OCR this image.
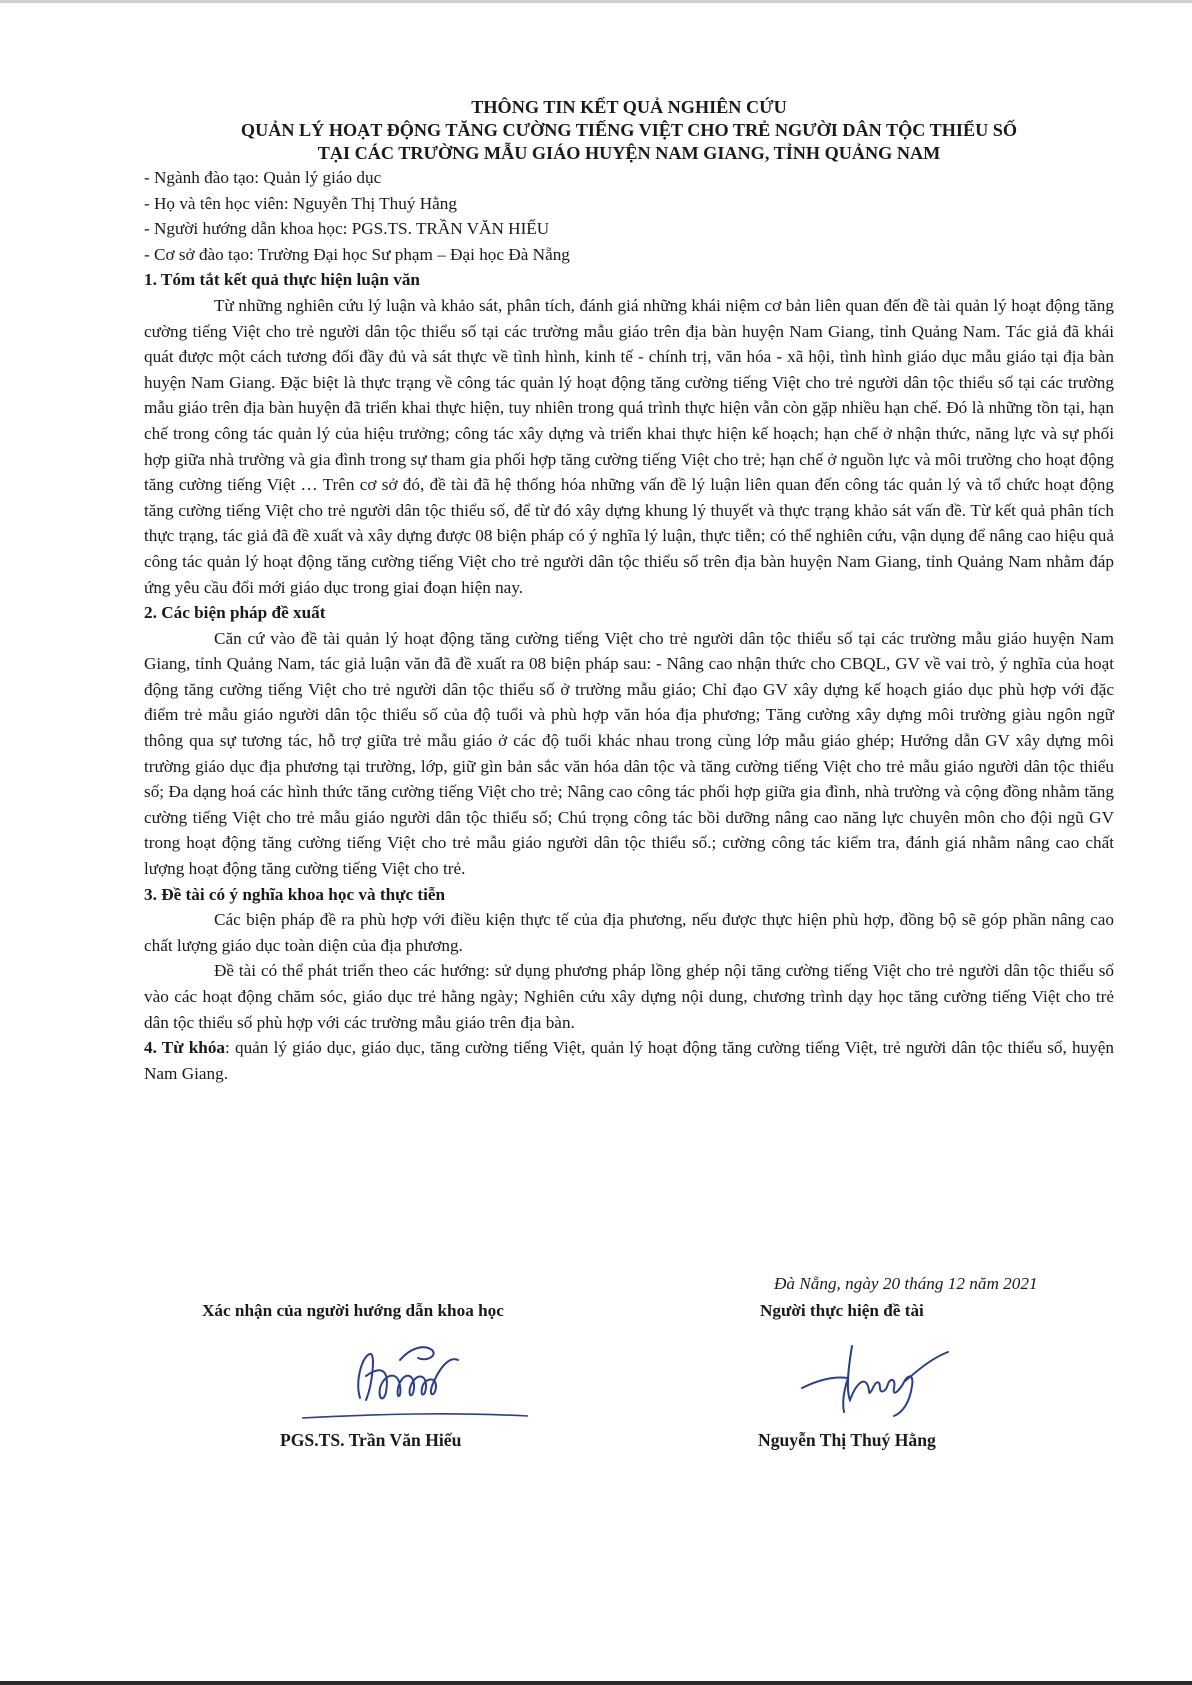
THÔNG TIN KẾT QUẢ NGHIÊN CỨU

QUẢN LÝ HOẠT ĐỘNG TĂNG CƯỜNG TIẾNG VIỆT CHO TRẺ NGƯỜI DÂN TỘC THIỂU SỐ

TẠI CÁC TRƯỜNG MẪU GIÁO HUYỆN NAM GIANG, TỈNH QUẢNG NAM

- Ngành đào tạo: Quản lý giáo dục

- Họ và tên học viên: Nguyễn Thị Thuý Hằng

- Người hướng dẫn khoa học: PGS.TS. TRẦN VĂN HIẾU

- Cơ sở đào tạo: Trường Đại học Sư phạm – Đại học Đà Nẵng

1. Tóm tắt kết quả thực hiện luận văn

Từ những nghiên cứu lý luận và khảo sát, phân tích, đánh giá những khái niệm cơ bản liên quan đến đề tài quản lý hoạt động tăng cường tiếng Việt cho trẻ người dân tộc thiểu số tại các trường mẫu giáo trên địa bàn huyện Nam Giang, tỉnh Quảng Nam. Tác giả đã khái quát được một cách tương đối đầy đủ và sát thực về tình hình, kinh tế - chính trị, văn hóa - xã hội, tình hình giáo dục mẫu giáo tại địa bàn huyện Nam Giang. Đặc biệt là thực trạng về công tác quản lý hoạt động tăng cường tiếng Việt cho trẻ người dân tộc thiểu số tại các trường mẫu giáo trên địa bàn huyện đã triển khai thực hiện, tuy nhiên trong quá trình thực hiện vẫn còn gặp nhiều hạn chế. Đó là những tồn tại, hạn chế trong công tác quản lý của hiệu trưởng; công tác xây dựng và triển khai thực hiện kế hoạch; hạn chế ở nhận thức, năng lực và sự phối hợp giữa nhà trường và gia đình trong sự tham gia phối hợp tăng cường tiếng Việt cho trẻ; hạn chế ở nguồn lực và môi trường cho hoạt động tăng cường tiếng Việt … Trên cơ sở đó, đề tài đã hệ thống hóa những vấn đề lý luận liên quan đến công tác quản lý và tổ chức hoạt động tăng cường tiếng Việt cho trẻ người dân tộc thiểu số, để từ đó xây dựng khung lý thuyết và thực trạng khảo sát vấn đề. Từ kết quả phân tích thực trạng, tác giả đã đề xuất và xây dựng được 08 biện pháp có ý nghĩa lý luận, thực tiễn; có thể nghiên cứu, vận dụng để nâng cao hiệu quả công tác quản lý hoạt động tăng cường tiếng Việt cho trẻ người dân tộc thiểu số trên địa bàn huyện Nam Giang, tỉnh Quảng Nam nhằm đáp ứng yêu cầu đổi mới giáo dục trong giai đoạn hiện nay.

2. Các biện pháp đề xuất

Căn cứ vào đề tài quản lý hoạt động tăng cường tiếng Việt cho trẻ người dân tộc thiểu số tại các trường mẫu giáo huyện Nam Giang, tỉnh Quảng Nam, tác giả luận văn đã đề xuất ra 08 biện pháp sau: - Nâng cao nhận thức cho CBQL, GV về vai trò, ý nghĩa của hoạt động tăng cường tiếng Việt cho trẻ người dân tộc thiểu số ở trường mẫu giáo; Chỉ đạo GV xây dựng kế hoạch giáo dục phù hợp với đặc điểm trẻ mẫu giáo người dân tộc thiểu số của độ tuổi và phù hợp văn hóa địa phương; Tăng cường xây dựng môi trường giàu ngôn ngữ thông qua sự tương tác, hỗ trợ giữa trẻ mẫu giáo ở các độ tuổi khác nhau trong cùng lớp mẫu giáo ghép; Hướng dẫn GV xây dựng môi trường giáo dục địa phương tại trường, lớp, giữ gìn bản sắc văn hóa dân tộc và tăng cường tiếng Việt cho trẻ mẫu giáo người dân tộc thiểu số; Đa dạng hoá các hình thức tăng cường tiếng Việt cho trẻ; Nâng cao công tác phối hợp giữa gia đình, nhà trường và cộng đồng nhằm tăng cường tiếng Việt cho trẻ mẫu giáo người dân tộc thiểu số; Chú trọng công tác bồi dưỡng nâng cao năng lực chuyên môn cho đội ngũ GV trong hoạt động tăng cường tiếng Việt cho trẻ mẫu giáo người dân tộc thiểu số.; cường công tác kiểm tra, đánh giá nhằm nâng cao chất lượng hoạt động tăng cường tiếng Việt cho trẻ.

3. Đề tài có ý nghĩa khoa học và thực tiễn

Các biện pháp đề ra phù hợp với điều kiện thực tế của địa phương, nếu được thực hiện phù hợp, đồng bộ sẽ góp phần nâng cao chất lượng giáo dục toàn diện của địa phương.

Đề tài có thể phát triển theo các hướng: sử dụng phương pháp lồng ghép nội tăng cường tiếng Việt cho trẻ người dân tộc thiểu số vào các hoạt động chăm sóc, giáo dục trẻ hằng ngày; Nghiên cứu xây dựng nội dung, chương trình dạy học tăng cường tiếng Việt cho trẻ dân tộc thiểu số phù hợp với các trường mẫu giáo trên địa bàn.

4. Từ khóa: quản lý giáo dục, giáo dục, tăng cường tiếng Việt, quản lý hoạt động tăng cường tiếng Việt, trẻ người dân tộc thiểu số, huyện Nam Giang.

Đà Nẵng, ngày 20 tháng 12 năm 2021
Xác nhận của người hướng dẫn khoa học	Người thực hiện đề tài
PGS.TS. Trần Văn Hiếu	Nguyễn Thị Thuý Hằng
